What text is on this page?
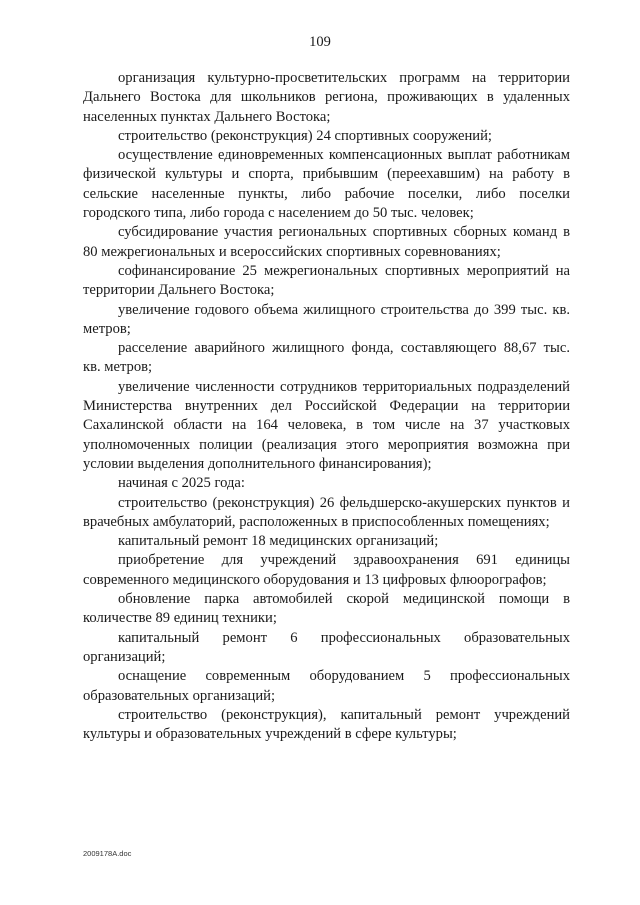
109

организация культурно-просветительских программ на территории Дальнего Востока для школьников региона, проживающих в удаленных населенных пунктах Дальнего Востока;

строительство (реконструкция) 24 спортивных сооружений;

осуществление единовременных компенсационных выплат работникам физической культуры и спорта, прибывшим (переехавшим) на работу в сельские населенные пункты, либо рабочие поселки, либо поселки городского типа, либо города с населением до 50 тыс. человек;

субсидирование участия региональных спортивных сборных команд в 80 межрегиональных и всероссийских спортивных соревнованиях;

софинансирование 25 межрегиональных спортивных мероприятий на территории Дальнего Востока;

увеличение годового объема жилищного строительства до 399 тыс. кв. метров;

расселение аварийного жилищного фонда, составляющего 88,67 тыс. кв. метров;

увеличение численности сотрудников территориальных подразделений Министерства внутренних дел Российской Федерации на территории Сахалинской области на 164 человека, в том числе на 37 участковых уполномоченных полиции (реализация этого мероприятия возможна при условии выделения дополнительного финансирования);

начиная с 2025 года:

строительство (реконструкция) 26 фельдшерско-акушерских пунктов и врачебных амбулаторий, расположенных в приспособленных помещениях;

капитальный ремонт 18 медицинских организаций;

приобретение для учреждений здравоохранения 691 единицы современного медицинского оборудования и 13 цифровых флюорографов;

обновление парка автомобилей скорой медицинской помощи в количестве 89 единиц техники;

капитальный ремонт 6 профессиональных образовательных организаций;

оснащение современным оборудованием 5 профессиональных образовательных организаций;

строительство (реконструкция), капитальный ремонт учреждений культуры и образовательных учреждений в сфере культуры;

2009178А.doc
